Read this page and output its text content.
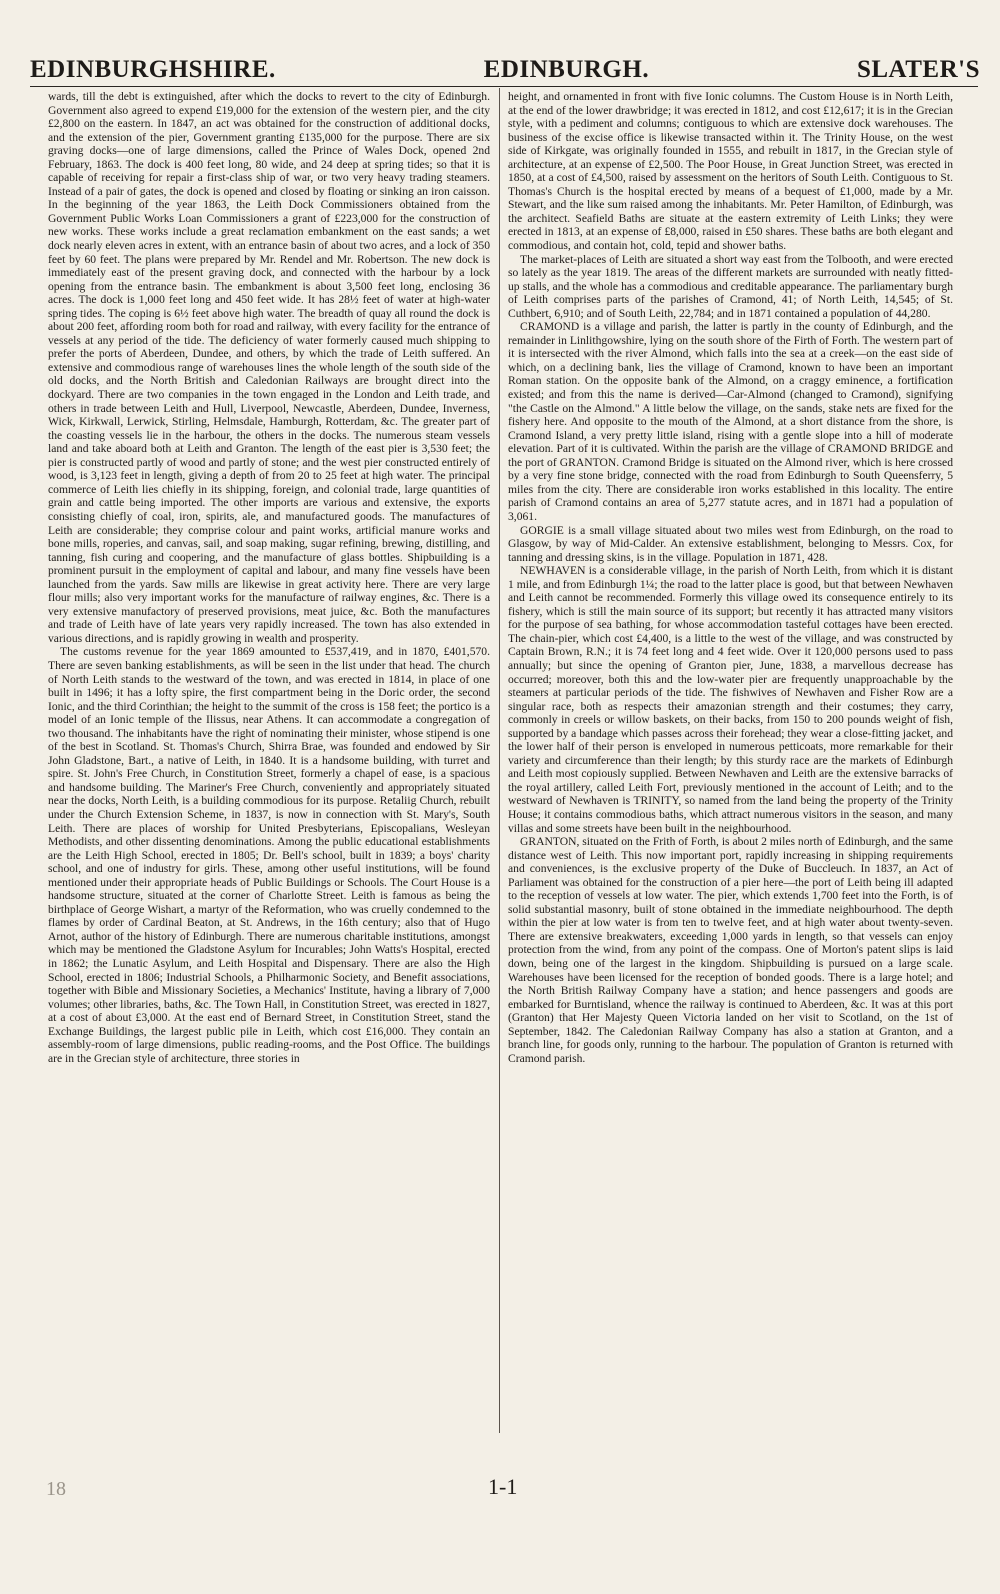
EDINBURGHSHIRE.	EDINBURGH.	SLATER'S

wards, till the debt is extinguished, after which the docks to revert to the city of Edinburgh. Government also agreed to expend £19,000 for the extension of the western pier, and the city £2,800 on the eastern. In 1847, an act was obtained for the construction of additional docks, and the extension of the pier, Government granting £135,000 for the purpose. There are six graving docks—one of large dimensions, called the Prince of Wales Dock, opened 2nd February, 1863. The dock is 400 feet long, 80 wide, and 24 deep at spring tides; so that it is capable of receiving for repair a first-class ship of war, or two very heavy trading steamers. Instead of a pair of gates, the dock is opened and closed by floating or sinking an iron caisson. In the beginning of the year 1863, the Leith Dock Commissioners obtained from the Government Public Works Loan Commissioners a grant of £223,000 for the construction of new works. These works include a great reclamation embankment on the east sands; a wet dock nearly eleven acres in extent, with an entrance basin of about two acres, and a lock of 350 feet by 60 feet. The plans were prepared by Mr. Rendel and Mr. Robertson. The new dock is immediately east of the present graving dock, and connected with the harbour by a lock opening from the entrance basin. The embankment is about 3,500 feet long, enclosing 36 acres. The dock is 1,000 feet long and 450 feet wide. It has 28½ feet of water at high-water spring tides. The coping is 6½ feet above high water. The breadth of quay all round the dock is about 200 feet, affording room both for road and railway, with every facility for the entrance of vessels at any period of the tide. The deficiency of water formerly caused much shipping to prefer the ports of Aberdeen, Dundee, and others, by which the trade of Leith suffered. An extensive and commodious range of warehouses lines the whole length of the south side of the old docks, and the North British and Caledonian Railways are brought direct into the dockyard. There are two companies in the town engaged in the London and Leith trade, and others in trade between Leith and Hull, Liverpool, Newcastle, Aberdeen, Dundee, Inverness, Wick, Kirkwall, Lerwick, Stirling, Helmsdale, Hamburgh, Rotterdam, &c. The greater part of the coasting vessels lie in the harbour, the others in the docks. The numerous steam vessels land and take aboard both at Leith and Granton. The length of the east pier is 3,530 feet; the pier is constructed partly of wood and partly of stone; and the west pier constructed entirely of wood, is 3,123 feet in length, giving a depth of from 20 to 25 feet at high water. The principal commerce of Leith lies chiefly in its shipping, foreign, and colonial trade, large quantities of grain and cattle being imported. The other imports are various and extensive, the exports consisting chiefly of coal, iron, spirits, ale, and manufactured goods. The manufactures of Leith are considerable; they comprise colour and paint works, artificial manure works and bone mills, roperies, and canvas, sail, and soap making, sugar refining, brewing, distilling, and tanning, fish curing and coopering, and the manufacture of glass bottles. Shipbuilding is a prominent pursuit in the employment of capital and labour, and many fine vessels have been launched from the yards. Saw mills are likewise in great activity here. There are very large flour mills; also very important works for the manufacture of railway engines, &c. There is a very extensive manufactory of preserved provisions, meat juice, &c. Both the manufactures and trade of Leith have of late years very rapidly increased. The town has also extended in various directions, and is rapidly growing in wealth and prosperity.

The customs revenue for the year 1869 amounted to £537,419, and in 1870, £401,570. There are seven banking establishments, as will be seen in the list under that head. The church of North Leith stands to the westward of the town, and was erected in 1814, in place of one built in 1496; it has a lofty spire, the first compartment being in the Doric order, the second Ionic, and the third Corinthian; the height to the summit of the cross is 158 feet; the portico is a model of an Ionic temple of the Ilissus, near Athens. It can accommodate a congregation of two thousand. The inhabitants have the right of nominating their minister, whose stipend is one of the best in Scotland. St. Thomas's Church, Shirra Brae, was founded and endowed by Sir John Gladstone, Bart., a native of Leith, in 1840. It is a handsome building, with turret and spire. St. John's Free Church, in Constitution Street, formerly a chapel of ease, is a spacious and handsome building. The Mariner's Free Church, conveniently and appropriately situated near the docks, North Leith, is a building commodious for its purpose. Retaliig Church, rebuilt under the Church Extension Scheme, in 1837, is now in connection with St. Mary's, South Leith. There are places of worship for United Presbyterians, Episcopalians, Wesleyan Methodists, and other dissenting denominations. Among the public educational establishments are the Leith High School, erected in 1805; Dr. Bell's school, built in 1839; a boys' charity school, and one of industry for girls. These, among other useful institutions, will be found mentioned under their appropriate heads of Public Buildings or Schools. The Court House is a handsome structure, situated at the corner of Charlotte Street. Leith is famous as being the birthplace of George Wishart, a martyr of the Reformation, who was cruelly condemned to the flames by order of Cardinal Beaton, at St. Andrews, in the 16th century; also that of Hugo Arnot, author of the history of Edinburgh. There are numerous charitable institutions, amongst which may be mentioned the Gladstone Asylum for Incurables; John Watts's Hospital, erected in 1862; the Lunatic Asylum, and Leith Hospital and Dispensary. There are also the High School, erected in 1806; Industrial Schools, a Philharmonic Society, and Benefit associations, together with Bible and Missionary Societies, a Mechanics' Institute, having a library of 7,000 volumes; other libraries, baths, &c. The Town Hall, in Constitution Street, was erected in 1827, at a cost of about £3,000. At the east end of Bernard Street, in Constitution Street, stand the Exchange Buildings, the largest public pile in Leith, which cost £16,000. They contain an assembly-room of large dimensions, public reading-rooms, and the Post Office. The buildings are in the Grecian style of architecture, three stories in

height, and ornamented in front with five Ionic columns. The Custom House is in North Leith, at the end of the lower drawbridge; it was erected in 1812, and cost £12,617; it is in the Grecian style, with a pediment and columns; contiguous to which are extensive dock warehouses. The business of the excise office is likewise transacted within it. The Trinity House, on the west side of Kirkgate, was originally founded in 1555, and rebuilt in 1817, in the Grecian style of architecture, at an expense of £2,500. The Poor House, in Great Junction Street, was erected in 1850, at a cost of £4,500, raised by assessment on the heritors of South Leith. Contiguous to St. Thomas's Church is the hospital erected by means of a bequest of £1,000, made by a Mr. Stewart, and the like sum raised among the inhabitants. Mr. Peter Hamilton, of Edinburgh, was the architect. Seafield Baths are situate at the eastern extremity of Leith Links; they were erected in 1813, at an expense of £8,000, raised in £50 shares. These baths are both elegant and commodious, and contain hot, cold, tepid and shower baths.

The market-places of Leith are situated a short way east from the Tolbooth, and were erected so lately as the year 1819. The areas of the different markets are surrounded with neatly fitted-up stalls, and the whole has a commodious and creditable appearance. The parliamentary burgh of Leith comprises parts of the parishes of Cramond, 41; of North Leith, 14,545; of St. Cuthbert, 6,910; and of South Leith, 22,784; and in 1871 contained a population of 44,280.

CRAMOND is a village and parish, the latter is partly in the county of Edinburgh, and the remainder in Linlithgowshire, lying on the south shore of the Firth of Forth. The western part of it is intersected with the river Almond, which falls into the sea at a creek—on the east side of which, on a declining bank, lies the village of Cramond, known to have been an important Roman station. On the opposite bank of the Almond, on a craggy eminence, a fortification existed; and from this the name is derived—Car-Almond (changed to Cramond), signifying "the Castle on the Almond." A little below the village, on the sands, stake nets are fixed for the fishery here. And opposite to the mouth of the Almond, at a short distance from the shore, is Cramond Island, a very pretty little island, rising with a gentle slope into a hill of moderate elevation. Part of it is cultivated. Within the parish are the village of CRAMOND BRIDGE and the port of GRANTON. Cramond Bridge is situated on the Almond river, which is here crossed by a very fine stone bridge, connected with the road from Edinburgh to South Queensferry, 5 miles from the city. There are considerable iron works established in this locality. The entire parish of Cramond contains an area of 5,277 statute acres, and in 1871 had a population of 3,061.

GORGIE is a small village situated about two miles west from Edinburgh, on the road to Glasgow, by way of Mid-Calder. An extensive establishment, belonging to Messrs. Cox, for tanning and dressing skins, is in the village. Population in 1871, 428.

NEWHAVEN is a considerable village, in the parish of North Leith, from which it is distant 1 mile, and from Edinburgh 1¼; the road to the latter place is good, but that between Newhaven and Leith cannot be recommended. Formerly this village owed its consequence entirely to its fishery, which is still the main source of its support; but recently it has attracted many visitors for the purpose of sea bathing, for whose accommodation tasteful cottages have been erected. The chain-pier, which cost £4,400, is a little to the west of the village, and was constructed by Captain Brown, R.N.; it is 74 feet long and 4 feet wide. Over it 120,000 persons used to pass annually; but since the opening of Granton pier, June, 1838, a marvellous decrease has occurred; moreover, both this and the low-water pier are frequently unapproachable by the steamers at particular periods of the tide. The fishwives of Newhaven and Fisher Row are a singular race, both as respects their amazonian strength and their costumes; they carry, commonly in creels or willow baskets, on their backs, from 150 to 200 pounds weight of fish, supported by a bandage which passes across their forehead; they wear a close-fitting jacket, and the lower half of their person is enveloped in numerous petticoats, more remarkable for their variety and circumference than their length; by this sturdy race are the markets of Edinburgh and Leith most copiously supplied. Between Newhaven and Leith are the extensive barracks of the royal artillery, called Leith Fort, previously mentioned in the account of Leith; and to the westward of Newhaven is TRINITY, so named from the land being the property of the Trinity House; it contains commodious baths, which attract numerous visitors in the season, and many villas and some streets have been built in the neighbourhood.

GRANTON, situated on the Frith of Forth, is about 2 miles north of Edinburgh, and the same distance west of Leith. This now important port, rapidly increasing in shipping requirements and conveniences, is the exclusive property of the Duke of Buccleuch. In 1837, an Act of Parliament was obtained for the construction of a pier here—the port of Leith being ill adapted to the reception of vessels at low water. The pier, which extends 1,700 feet into the Forth, is of solid substantial masonry, built of stone obtained in the immediate neighbourhood. The depth within the pier at low water is from ten to twelve feet, and at high water about twenty-seven. There are extensive breakwaters, exceeding 1,000 yards in length, so that vessels can enjoy protection from the wind, from any point of the compass. One of Morton's patent slips is laid down, being one of the largest in the kingdom. Shipbuilding is pursued on a large scale. Warehouses have been licensed for the reception of bonded goods. There is a large hotel; and the North British Railway Company have a station; and hence passengers and goods are embarked for Burntisland, whence the railway is continued to Aberdeen, &c. It was at this port (Granton) that Her Majesty Queen Victoria landed on her visit to Scotland, on the 1st of September, 1842. The Caledonian Railway Company has also a station at Granton, and a branch line, for goods only, running to the harbour. The population of Granton is returned with Cramond parish.

18	1-1
